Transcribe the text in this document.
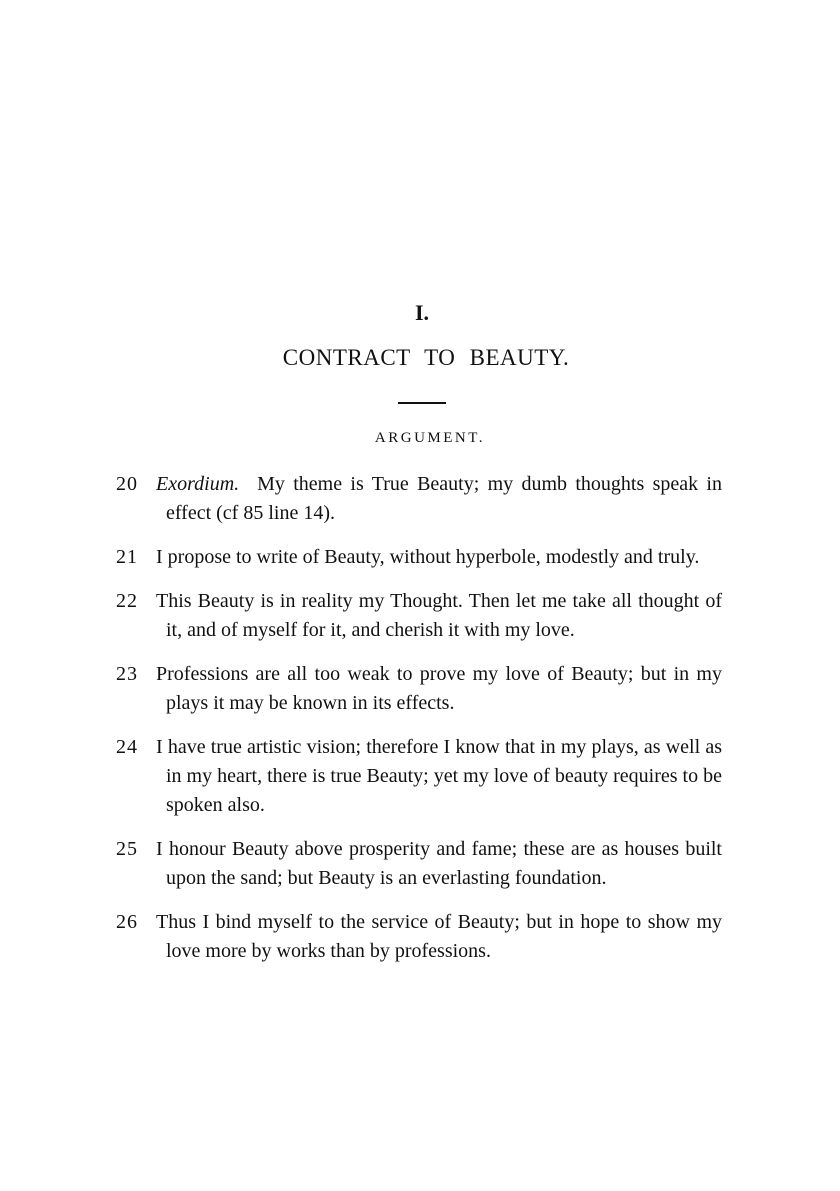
I.
CONTRACT TO BEAUTY.
ARGUMENT.
20 Exordium. My theme is True Beauty; my dumb thoughts speak in effect (cf 85 line 14).
21 I propose to write of Beauty, without hyperbole, modestly and truly.
22 This Beauty is in reality my Thought. Then let me take all thought of it, and of myself for it, and cherish it with my love.
23 Professions are all too weak to prove my love of Beauty; but in my plays it may be known in its effects.
24 I have true artistic vision; therefore I know that in my plays, as well as in my heart, there is true Beauty; yet my love of beauty requires to be spoken also.
25 I honour Beauty above prosperity and fame; these are as houses built upon the sand; but Beauty is an everlasting foundation.
26 Thus I bind myself to the service of Beauty; but in hope to show my love more by works than by professions.
